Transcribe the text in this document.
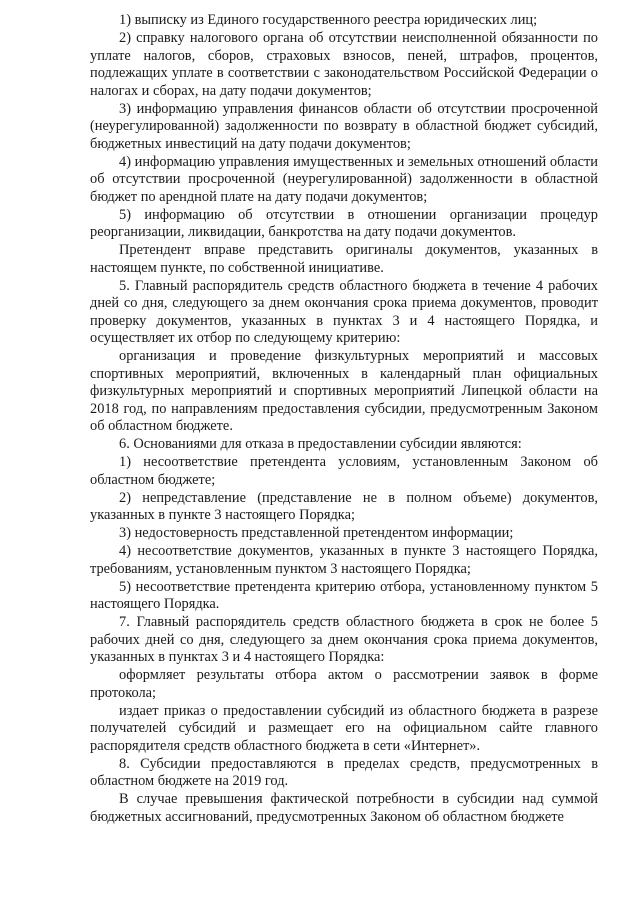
1) выписку из Единого государственного реестра юридических лиц;

2) справку налогового органа об отсутствии неисполненной обязанности по уплате налогов, сборов, страховых взносов, пеней, штрафов, процентов, подлежащих уплате в соответствии с законодательством Российской Федерации о налогах и сборах, на дату подачи документов;

3) информацию управления финансов области об отсутствии просроченной (неурегулированной) задолженности по возврату в областной бюджет субсидий, бюджетных инвестиций на дату подачи документов;

4) информацию управления имущественных и земельных отношений области об отсутствии просроченной (неурегулированной) задолженности в областной бюджет по арендной плате на дату подачи документов;

5) информацию об отсутствии в отношении организации процедур реорганизации, ликвидации, банкротства на дату подачи документов.

Претендент вправе представить оригиналы документов, указанных в настоящем пункте, по собственной инициативе.

5. Главный распорядитель средств областного бюджета в течение 4 рабочих дней со дня, следующего за днем окончания срока приема документов, проводит проверку документов, указанных в пунктах 3 и 4 настоящего Порядка, и осуществляет их отбор по следующему критерию:

организация и проведение физкультурных мероприятий и массовых спортивных мероприятий, включенных в календарный план официальных физкультурных мероприятий и спортивных мероприятий Липецкой области на 2018 год, по направлениям предоставления субсидии, предусмотренным Законом об областном бюджете.

6. Основаниями для отказа в предоставлении субсидии являются:

1) несоответствие претендента условиям, установленным Законом об областном бюджете;

2) непредставление (представление не в полном объеме) документов, указанных в пункте 3 настоящего Порядка;

3) недостоверность представленной претендентом информации;

4) несоответствие документов, указанных в пункте 3 настоящего Порядка, требованиям, установленным пунктом 3 настоящего Порядка;

5) несоответствие претендента критерию отбора, установленному пунктом 5 настоящего Порядка.

7. Главный распорядитель средств областного бюджета в срок не более 5 рабочих дней со дня, следующего за днем окончания срока приема документов, указанных в пунктах 3 и 4 настоящего Порядка:

оформляет результаты отбора актом о рассмотрении заявок в форме протокола;

издает приказ о предоставлении субсидий из областного бюджета в разрезе получателей субсидий и размещает его на официальном сайте главного распорядителя средств областного бюджета в сети «Интернет».

8. Субсидии предоставляются в пределах средств, предусмотренных в областном бюджете на 2019 год.

В случае превышения фактической потребности в субсидии над суммой бюджетных ассигнований, предусмотренных Законом об областном бюджете
